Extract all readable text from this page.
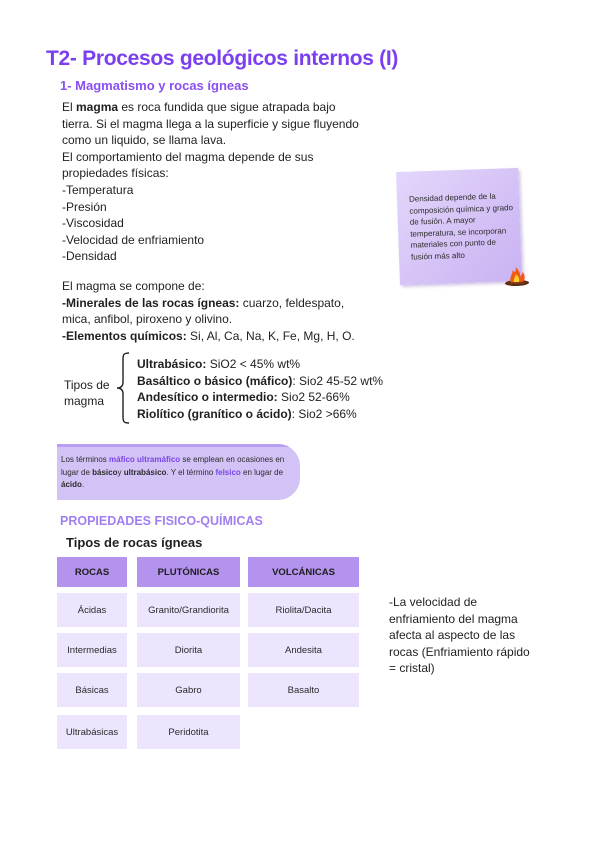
T2- Procesos geológicos internos (I)
1- Magmatismo y rocas ígneas
El magma es roca fundida que sigue atrapada bajo
tierra. Si el magma llega a la superficie y sigue fluyendo
como un liquido, se llama lava.
El comportamiento del magma depende de sus
propiedades físicas:
-Temperatura
-Presión
-Viscosidad
-Velocidad de enfriamiento
-Densidad
Densidad depende de la composición química y grado de fusión. A mayor temperatura, se incorporan materiales con punto de fusión más alto
El magma se compone de:
-Minerales de las rocas ígneas: cuarzo, feldespato,
mica, anfibol, piroxeno y olivino.
-Elementos químicos: Si, Al, Ca, Na, K, Fe, Mg, H, O.
Tipos de
magma
Ultrabásico: SiO2 < 45% wt%
Basáltico o básico (máfico): Sio2 45-52 wt%
Andesítico o intermedio: Sio2 52-66%
Riolítico (granítico o ácido): Sio2 >66%
Los términos máfico ultramáfico se emplean en ocasiones en lugar de básicoy ultrabásico. Y el término felsico en lugar de ácido.
PROPIEDADES FISICO-QUÍMICAS
Tipos de rocas ígneas
ROCAS	PLUTÓNICAS	VOLCÁNICAS
Ácidas	Granito/Grandiorita	Riolita/Dacita
Intermedias	Diorita	Andesita
Básicas	Gabro	Basalto
Ultrabásicas	Peridotita
-La velocidad de
enfriamiento del magma
afecta al aspecto de las
rocas (Enfriamiento rápido
= cristal)
